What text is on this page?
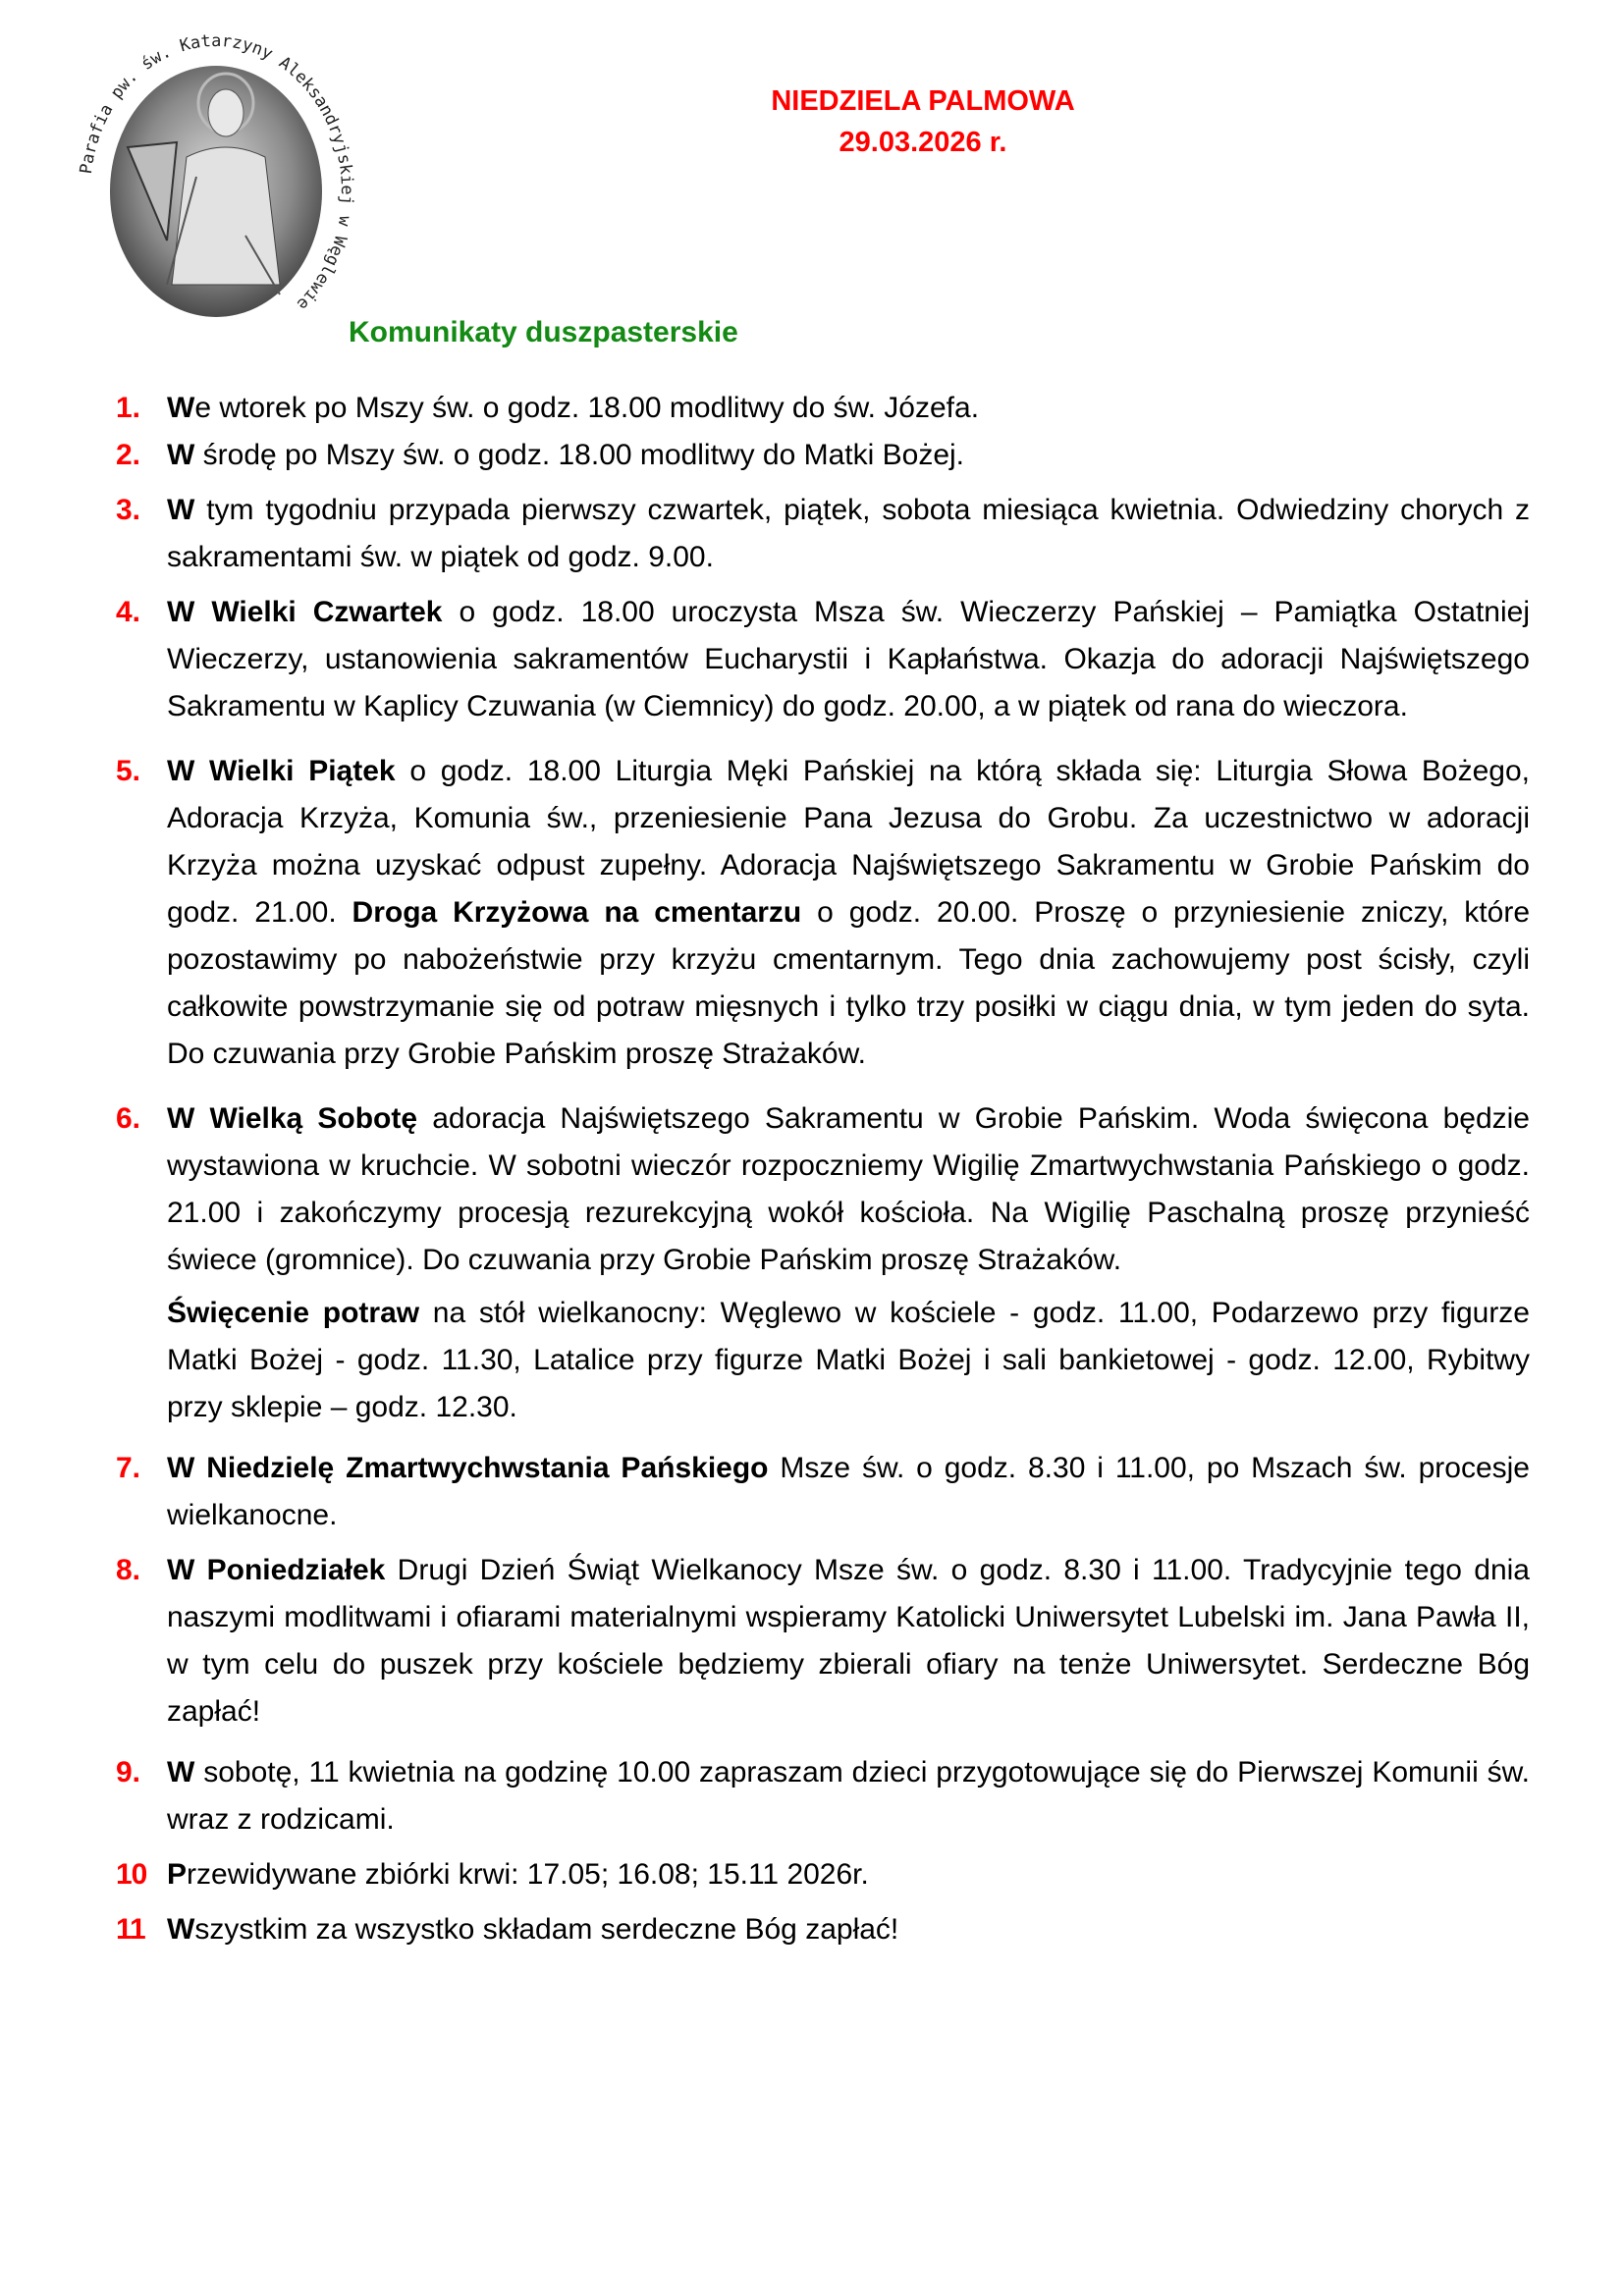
Parafia pw. św. Katarzyny Aleksandryjskiej w Węglewie
NIEDZIELA PALMOWA
29.03.2026 r.
Komunikaty duszpasterskie
1. We wtorek po Mszy św. o godz. 18.00 modlitwy do św. Józefa.
2. W środę po Mszy św. o godz. 18.00 modlitwy do Matki Bożej.
3. W tym tygodniu przypada pierwszy czwartek, piątek, sobota miesiąca kwietnia. Odwiedziny chorych z sakramentami św. w piątek od godz. 9.00.
4. W Wielki Czwartek o godz. 18.00 uroczysta Msza św. Wieczerzy Pańskiej – Pamiątka Ostatniej Wieczerzy, ustanowienia sakramentów Eucharystii i Kapłaństwa. Okazja do adoracji Najświętszego Sakramentu w Kaplicy Czuwania (w Ciemnicy) do godz. 20.00, a w piątek od rana do wieczora.
5. W Wielki Piątek o godz. 18.00 Liturgia Męki Pańskiej na którą składa się: Liturgia Słowa Bożego, Adoracja Krzyża, Komunia św., przeniesienie Pana Jezusa do Grobu. Za uczestnictwo w adoracji Krzyża można uzyskać odpust zupełny. Adoracja Najświętszego Sakramentu w Grobie Pańskim do godz. 21.00. Droga Krzyżowa na cmentarzu o godz. 20.00. Proszę o przyniesienie zniczy, które pozostawimy po nabożeństwie przy krzyżu cmentarnym. Tego dnia zachowujemy post ścisły, czyli całkowite powstrzymanie się od potraw mięsnych i tylko trzy posiłki w ciągu dnia, w tym jeden do syta. Do czuwania przy Grobie Pańskim proszę Strażaków.
6. W Wielką Sobotę adoracja Najświętszego Sakramentu w Grobie Pańskim. Woda święcona będzie wystawiona w kruchcie. W sobotni wieczór rozpoczniemy Wigilię Zmartwychwstania Pańskiego o godz. 21.00 i zakończymy procesją rezurekcyjną wokół kościoła. Na Wigilię Paschalną proszę przynieść świece (gromnice). Do czuwania przy Grobie Pańskim proszę Strażaków.
Święcenie potraw na stół wielkanocny: Węglewo w kościele - godz. 11.00, Podarzewo przy figurze Matki Bożej - godz. 11.30, Latalice przy figurze Matki Bożej i sali bankietowej - godz. 12.00, Rybitwy przy sklepie – godz. 12.30.
7. W Niedzielę Zmartwychwstania Pańskiego Msze św. o godz. 8.30 i 11.00, po Mszach św. procesje wielkanocne.
8. W Poniedziałek Drugi Dzień Świąt Wielkanocy Msze św. o godz. 8.30 i 11.00. Tradycyjnie tego dnia naszymi modlitwami i ofiarami materialnymi wspieramy Katolicki Uniwersytet Lubelski im. Jana Pawła II, w tym celu do puszek przy kościele będziemy zbierali ofiary na tenże Uniwersytet. Serdeczne Bóg zapłać!
9. W sobotę, 11 kwietnia na godzinę 10.00 zapraszam dzieci przygotowujące się do Pierwszej Komunii św. wraz z rodzicami.
10 Przewidywane zbiórki krwi: 17.05; 16.08; 15.11 2026r.
11 Wszystkim za wszystko składam serdeczne Bóg zapłać!
